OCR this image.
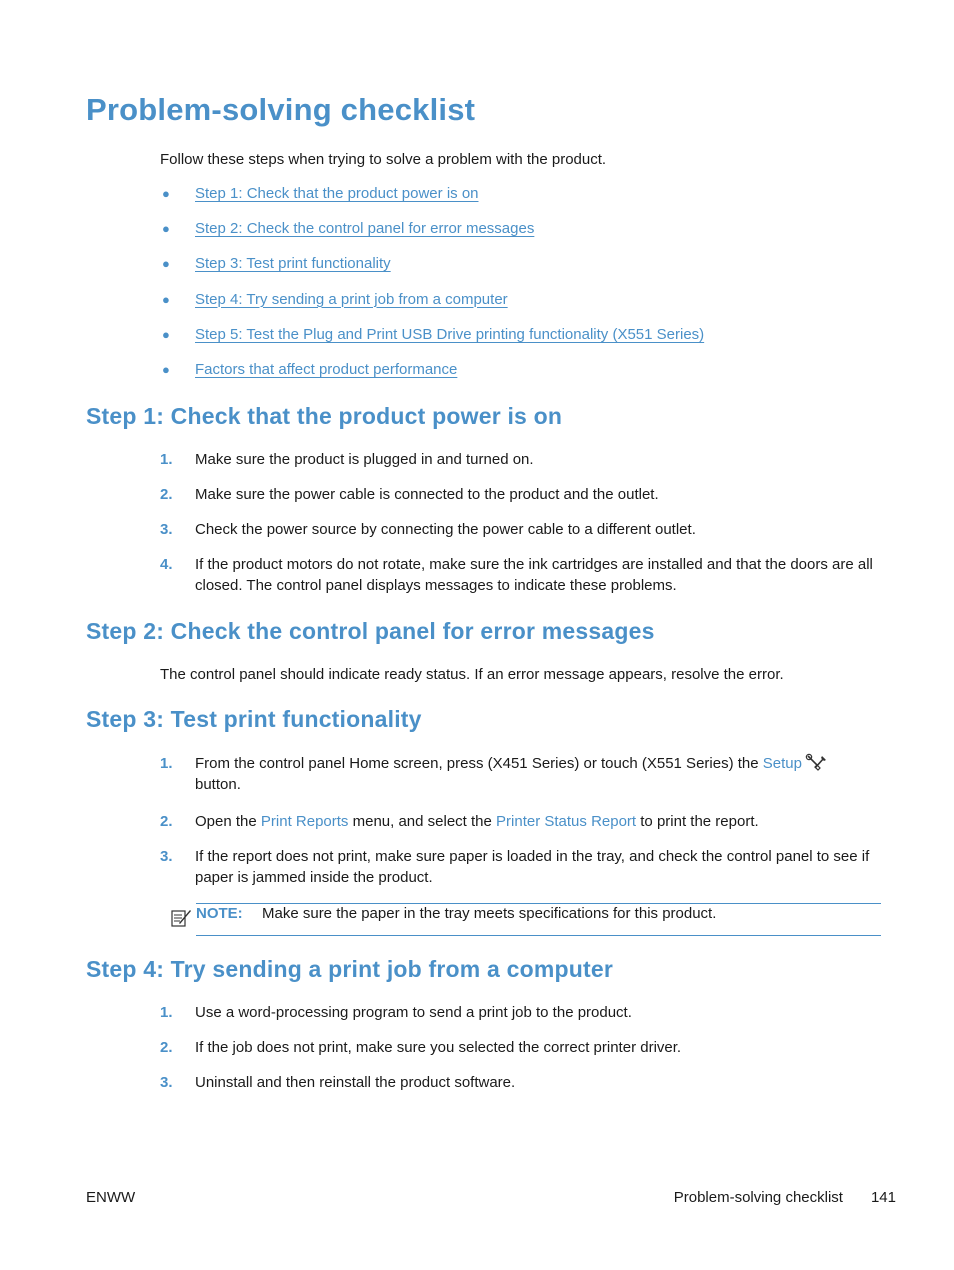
Problem-solving checklist

Follow these steps when trying to solve a problem with the product.

●	Step 1: Check that the product power is on
●	Step 2: Check the control panel for error messages
●	Step 3: Test print functionality
●	Step 4: Try sending a print job from a computer
●	Step 5: Test the Plug and Print USB Drive printing functionality (X551 Series)
●	Factors that affect product performance
Step 1: Check that the product power is on
1.	Make sure the product is plugged in and turned on.
2.	Make sure the power cable is connected to the product and the outlet.
3.	Check the power source by connecting the power cable to a different outlet.
4.	If the product motors do not rotate, make sure the ink cartridges are installed and that the doors are all closed. The control panel displays messages to indicate these problems.
Step 2: Check the control panel for error messages

The control panel should indicate ready status. If an error message appears, resolve the error.

Step 3: Test print functionality
1.	From the control panel Home screen, press (X451 Series) or touch (X551 Series) the Setup
button.
2.	Open the Print Reports menu, and select the Printer Status Report to print the report.
3.	If the report does not print, make sure paper is loaded in the tray, and check the control panel to see if paper is jammed inside the product.
NOTE: Make sure the paper in the tray meets specifications for this product.
Step 4: Try sending a print job from a computer
1.	Use a word-processing program to send a print job to the product.
2.	If the job does not print, make sure you selected the correct printer driver.
3.	Uninstall and then reinstall the product software.
ENWW	Problem-solving checklist 141
